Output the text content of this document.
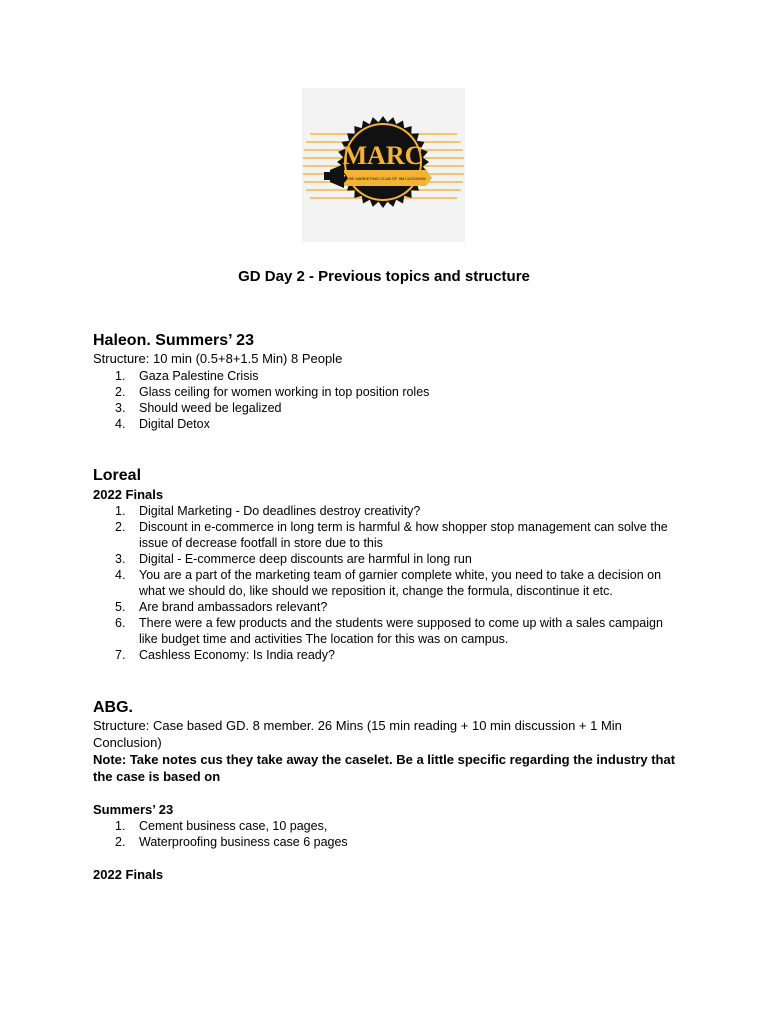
MARC
THE MARKETING CLUB OF IIM LUCKNOW
GD Day 2 - Previous topics and structure

Haleon. Summers’ 23

Structure: 10 min (0.5+8+1.5 Min) 8 People

1. Gaza Palestine Crisis
2. Glass ceiling for women working in top position roles
3. Should weed be legalized
4. Digital Detox

Loreal

2022 Finals

1. Digital Marketing - Do deadlines destroy creativity?
2. Discount in e-commerce in long term is harmful & how shopper stop management can solve the issue of decrease footfall in store due to this
3. Digital - E-commerce deep discounts are harmful in long run
4. You are a part of the marketing team of garnier complete white, you need to take a decision on what we should do, like should we reposition it, change the formula, discontinue it etc.
5. Are brand ambassadors relevant?
6. There were a few products and the students were supposed to come up with a sales campaign like budget time and activities The location for this was on campus.
7. Cashless Economy: Is India ready?

ABG.

Structure: Case based GD. 8 member. 26 Mins (15 min reading + 10 min discussion + 1 Min Conclusion)

Note: Take notes cus they take away the caselet. Be a little specific regarding the industry that the case is based on

Summers’ 23

1. Cement business case, 10 pages,
2. Waterproofing business case 6 pages

2022 Finals
